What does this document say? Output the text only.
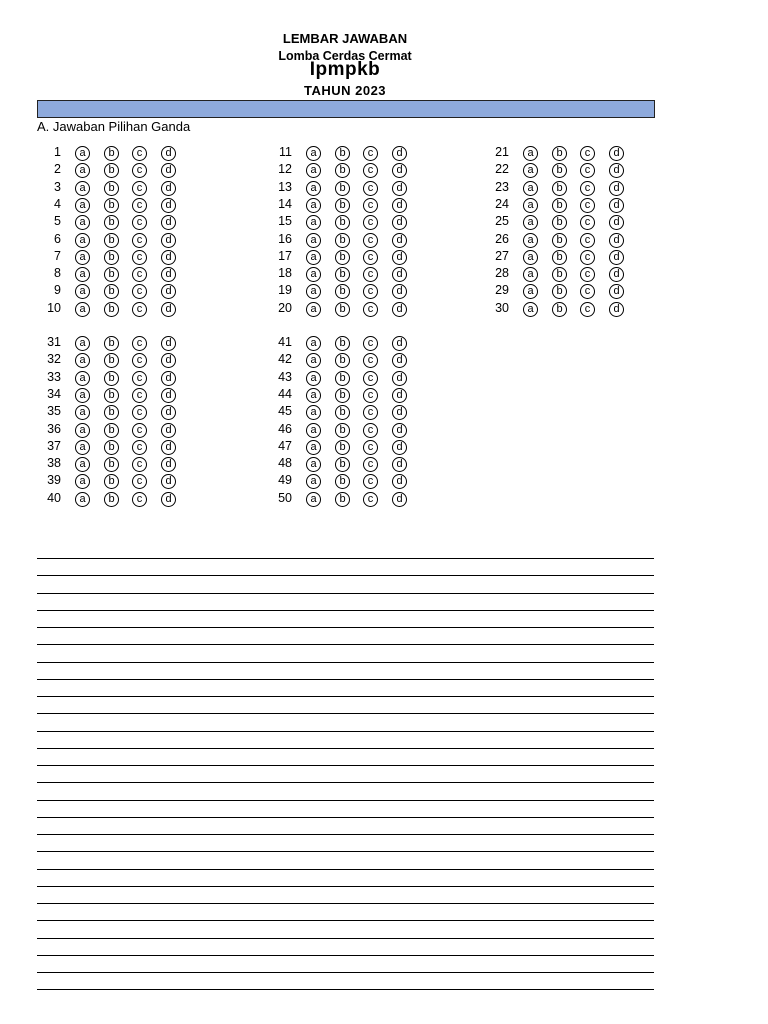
LEMBAR JAWABAN
Lomba Cerdas Cermat
Ipmpkb
TAHUN 2023
A. Jawaban Pilihan Ganda
1	a	b	c	d
2	a	b	c	d
3	a	b	c	d
4	a	b	c	d
5	a	b	c	d
6	a	b	c	d
7	a	b	c	d
8	a	b	c	d
9	a	b	c	d
10	a	b	c	d
11	a	b	c	d
12	a	b	c	d
13	a	b	c	d
14	a	b	c	d
15	a	b	c	d
16	a	b	c	d
17	a	b	c	d
18	a	b	c	d
19	a	b	c	d
20	a	b	c	d
21	a	b	c	d
22	a	b	c	d
23	a	b	c	d
24	a	b	c	d
25	a	b	c	d
26	a	b	c	d
27	a	b	c	d
28	a	b	c	d
29	a	b	c	d
30	a	b	c	d
31	a	b	c	d
32	a	b	c	d
33	a	b	c	d
34	a	b	c	d
35	a	b	c	d
36	a	b	c	d
37	a	b	c	d
38	a	b	c	d
39	a	b	c	d
40	a	b	c	d
41	a	b	c	d
42	a	b	c	d
43	a	b	c	d
44	a	b	c	d
45	a	b	c	d
46	a	b	c	d
47	a	b	c	d
48	a	b	c	d
49	a	b	c	d
50	a	b	c	d
